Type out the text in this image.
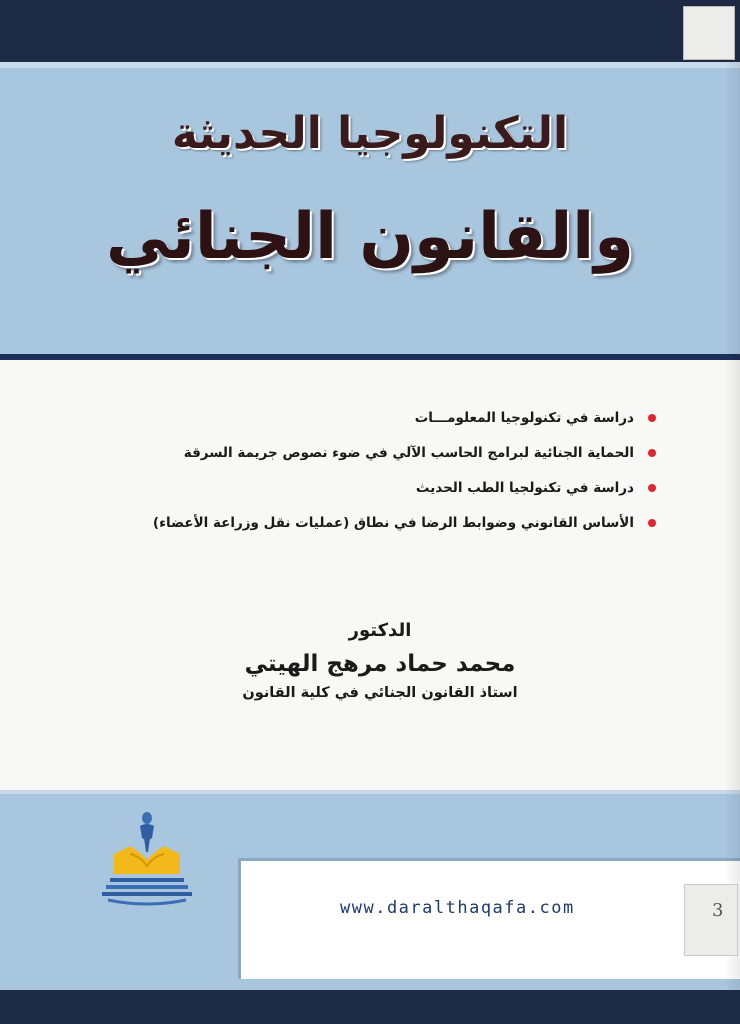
التكنولوجيا الحديثة
والقانون الجنائي
دراسة في تكنولوجيا المعلومـــات
الحماية الجنائية لبرامج الحاسب الآلي في ضوء نصوص جريمة السرقة
دراسة في تكنولجيا الطب الحديث
الأساس القانوني وضوابط الرضا في نطاق (عمليات نقل وزراعة الأعضاء)
الدكتور
محمد حماد مرهج الهيتي
استاذ القانون الجنائي في كلية القانون
www.daralthaqafa.com	3
